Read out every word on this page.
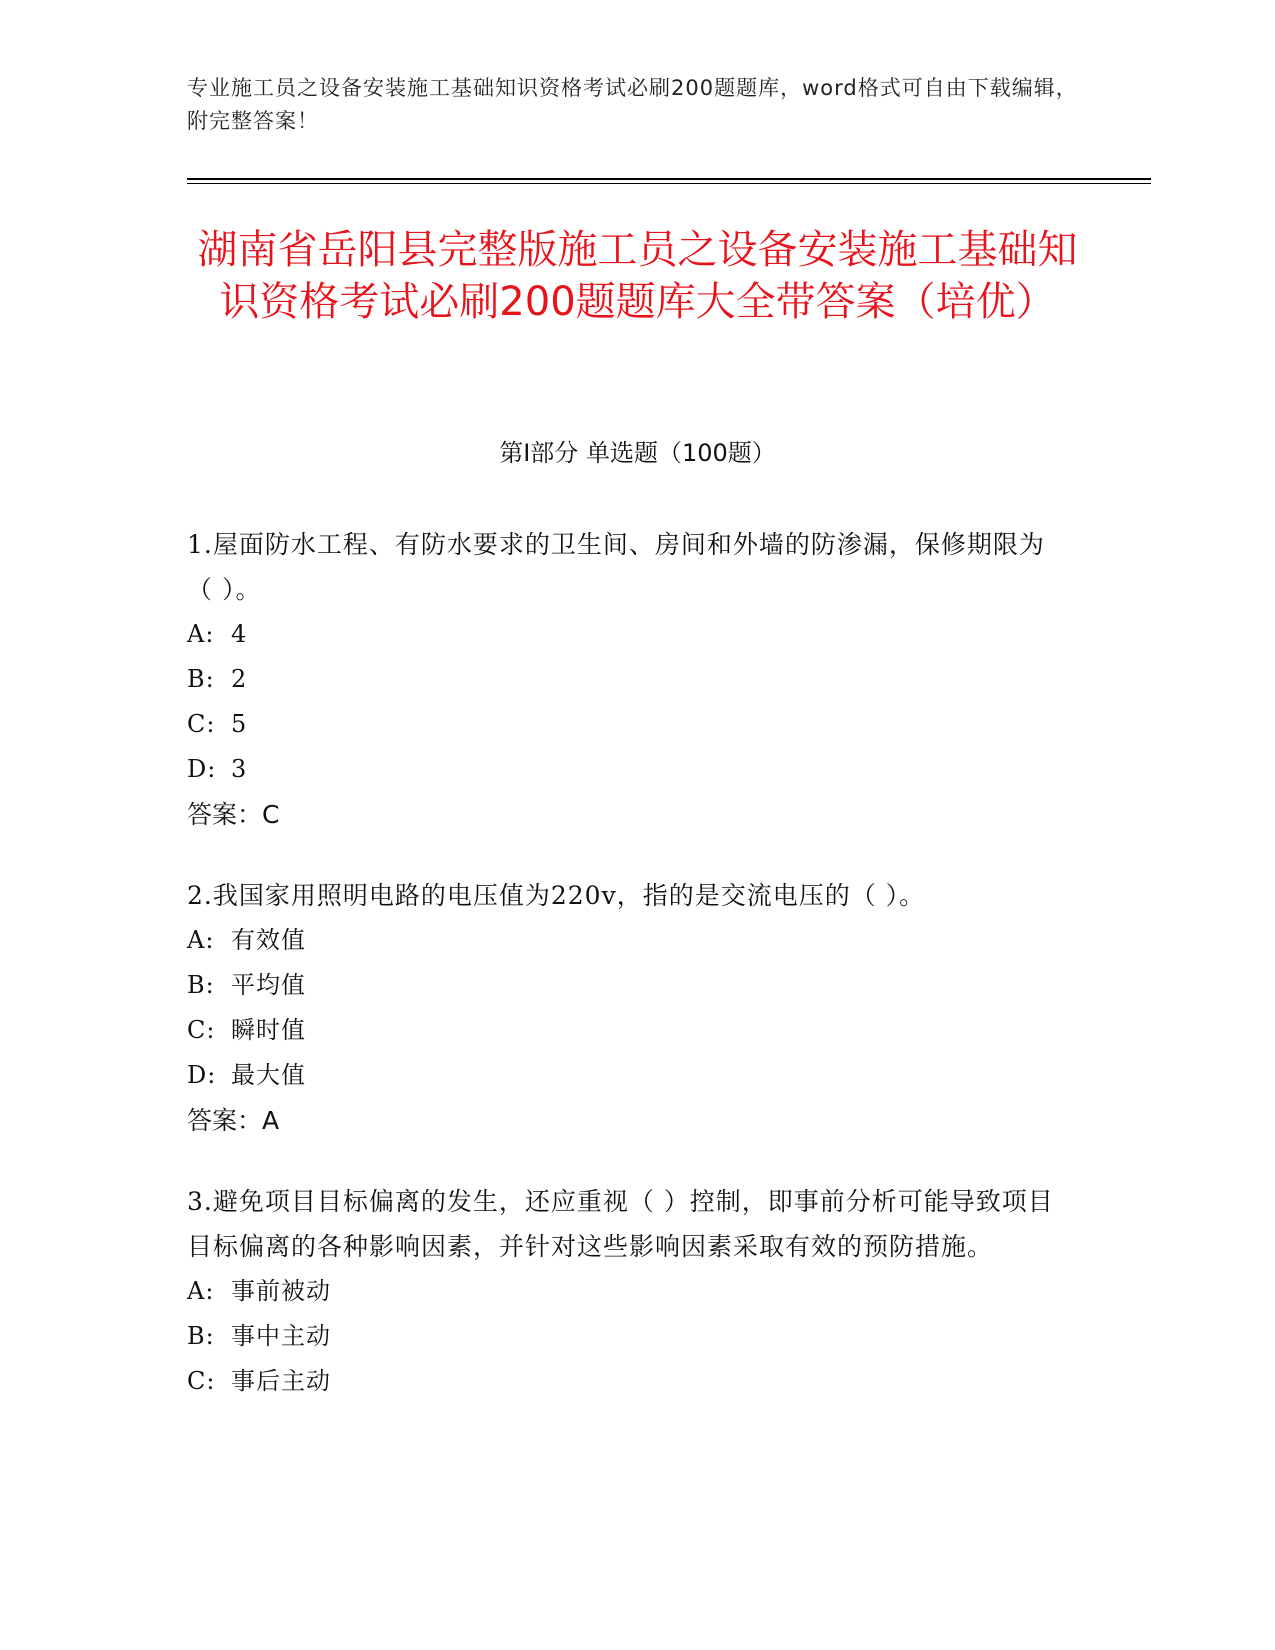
专业施工员之设备安装施工基础知识资格考试必刷200题题库，word格式可自由下载编辑，附完整答案！
湖南省岳阳县完整版施工员之设备安装施工基础知识资格考试必刷200题题库大全带答案（培优）
第Ⅰ部分 单选题（100题）

1.屋面防水工程、有防水要求的卫生间、房间和外墙的防渗漏，保修期限为（ ）。

A: 4

B: 2

C: 5

D: 3

答案：C

2.我国家用照明电路的电压值为220v，指的是交流电压的（ ）。

A: 有效值

B: 平均值

C: 瞬时值

D: 最大值

答案：A

3.避免项目目标偏离的发生，还应重视（ ）控制，即事前分析可能导致项目目标偏离的各种影响因素，并针对这些影响因素采取有效的预防措施。

A: 事前被动

B: 事中主动

C: 事后主动
